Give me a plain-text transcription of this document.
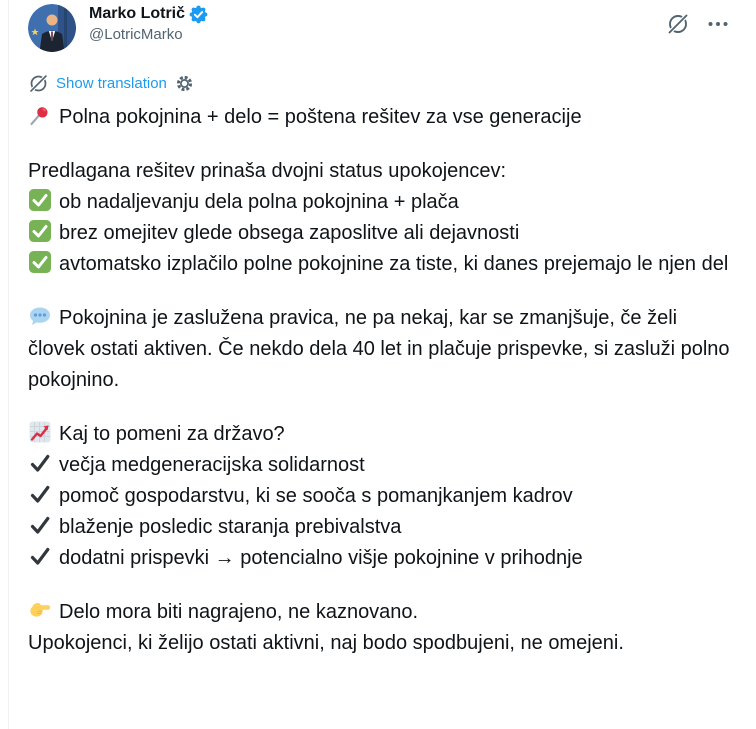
Marko Lotrič
@LotricMarko
Show translation

Polna pokojnina + delo = poštena rešitev za vse generacije

Predlagana rešitev prinaša dvojni status upokojencev:
ob nadaljevanju dela polna pokojnina + plača
brez omejitev glede obsega zaposlitve ali dejavnosti
avtomatsko izplačilo polne pokojnine za tiste, ki danes prejemajo le njen del

Pokojnina je zaslužena pravica, ne pa nekaj, kar se zmanjšuje, če želi človek ostati aktiven. Če nekdo dela 40 let in plačuje prispevke, si zasluži polno pokojnino.

Kaj to pomeni za državo?
večja medgeneracijska solidarnost
pomoč gospodarstvu, ki se sooča s pomanjkanjem kadrov
blaženje posledic staranja prebivalstva
dodatni prispevki → potencialno višje pokojnine v prihodnje

Delo mora biti nagrajeno, ne kaznovano.
Upokojenci, ki želijo ostati aktivni, naj bodo spodbujeni, ne omejeni.
